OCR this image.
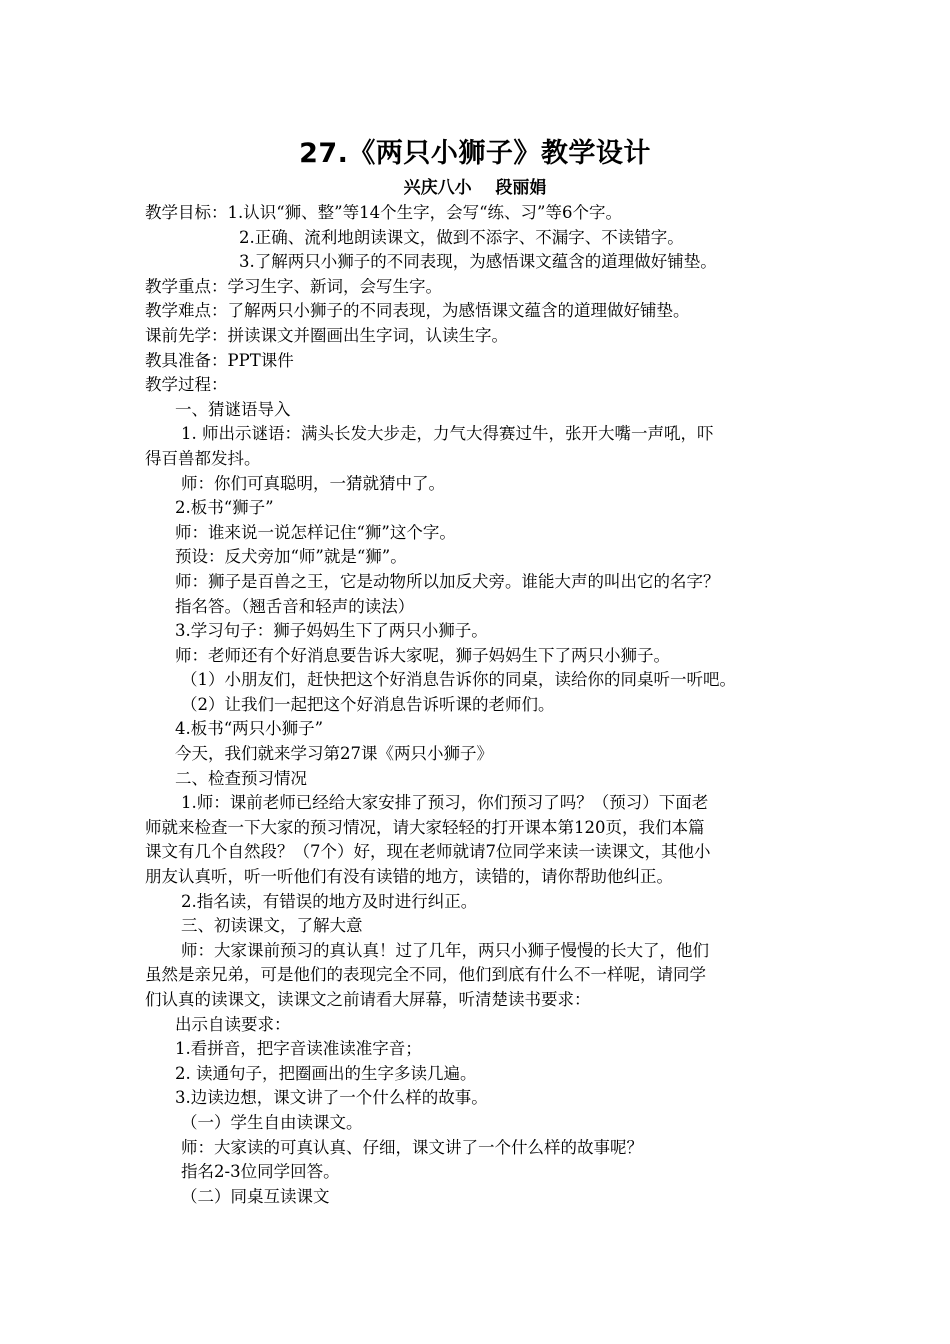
27.《两只小狮子》教学设计
兴庆八小    段丽娟
教学目标：1.认识“狮、整”等14个生字，会写“练、习”等6个字。
2.正确、流利地朗读课文，做到不添字、不漏字、不读错字。
3.了解两只小狮子的不同表现，为感悟课文蕴含的道理做好铺垫。
教学重点：学习生字、新词，会写生字。
教学难点：了解两只小狮子的不同表现，为感悟课文蕴含的道理做好铺垫。
课前先学：拼读课文并圈画出生字词，认读生字。
教具准备：PPT课件
教学过程：
一、猜谜语导入
1. 师出示谜语：满头长发大步走，力气大得赛过牛，张开大嘴一声吼，吓
得百兽都发抖。
师：你们可真聪明，一猜就猜中了。
2.板书“狮子”
师：谁来说一说怎样记住“狮”这个字。
预设：反犬旁加“师”就是“狮”。
师：狮子是百兽之王，它是动物所以加反犬旁。谁能大声的叫出它的名字？
指名答。（翘舌音和轻声的读法）
3.学习句子：狮子妈妈生下了两只小狮子。
师：老师还有个好消息要告诉大家呢，狮子妈妈生下了两只小狮子。
（1）小朋友们，赶快把这个好消息告诉你的同桌，读给你的同桌听一听吧。
（2）让我们一起把这个好消息告诉听课的老师们。
4.板书“两只小狮子”
今天，我们就来学习第27课《两只小狮子》
二、检查预习情况
1.师：课前老师已经给大家安排了预习，你们预习了吗？（预习）下面老
师就来检查一下大家的预习情况，请大家轻轻的打开课本第120页，我们本篇
课文有几个自然段？（7个）好，现在老师就请7位同学来读一读课文，其他小
朋友认真听，听一听他们有没有读错的地方，读错的，请你帮助他纠正。
2.指名读，有错误的地方及时进行纠正。
三、初读课文，了解大意
师：大家课前预习的真认真！过了几年，两只小狮子慢慢的长大了，他们
虽然是亲兄弟，可是他们的表现完全不同，他们到底有什么不一样呢，请同学
们认真的读课文，读课文之前请看大屏幕，听清楚读书要求：
出示自读要求：
1.看拼音，把字音读准读准字音；
2. 读通句子，把圈画出的生字多读几遍。
3.边读边想，课文讲了一个什么样的故事。
（一）学生自由读课文。
师：大家读的可真认真、仔细，课文讲了一个什么样的故事呢？
指名2-3位同学回答。
（二）同桌互读课文
